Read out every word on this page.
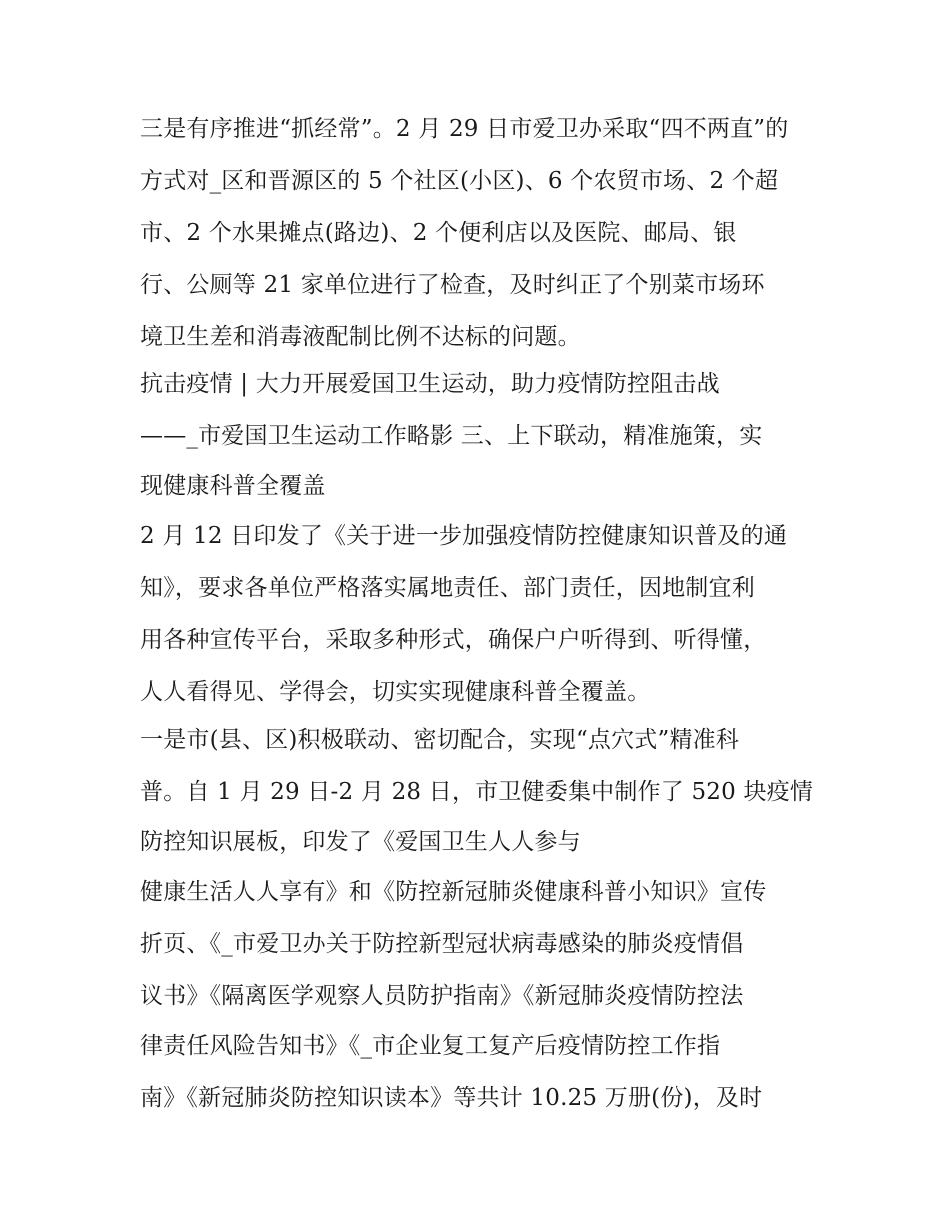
三是有序推进“抓经常”。2 月 29 日市爱卫办采取“四不两直”的
方式对_区和晋源区的 5 个社区(小区)、6 个农贸市场、2 个超
市、2 个水果摊点(路边)、2 个便利店以及医院、邮局、银
行、公厕等 21 家单位进行了检查，及时纠正了个别菜市场环
境卫生差和消毒液配制比例不达标的问题。
抗击疫情 | 大力开展爱国卫生运动，助力疫情防控阻击战
——_市爱国卫生运动工作略影 三、上下联动，精准施策，实
现健康科普全覆盖
2 月 12 日印发了《关于进一步加强疫情防控健康知识普及的通
知》，要求各单位严格落实属地责任、部门责任，因地制宜利
用各种宣传平台，采取多种形式，确保户户听得到、听得懂，
人人看得见、学得会，切实实现健康科普全覆盖。
一是市(县、区)积极联动、密切配合，实现“点穴式”精准科
普。自 1 月 29 日-2 月 28 日，市卫健委集中制作了 520 块疫情
防控知识展板，印发了《爱国卫生人人参与
健康生活人人享有》和《防控新冠肺炎健康科普小知识》宣传
折页、《_市爱卫办关于防控新型冠状病毒感染的肺炎疫情倡
议书》《隔离医学观察人员防护指南》《新冠肺炎疫情防控法
律责任风险告知书》《_市企业复工复产后疫情防控工作指
南》《新冠肺炎防控知识读本》等共计 10.25 万册(份)，及时
